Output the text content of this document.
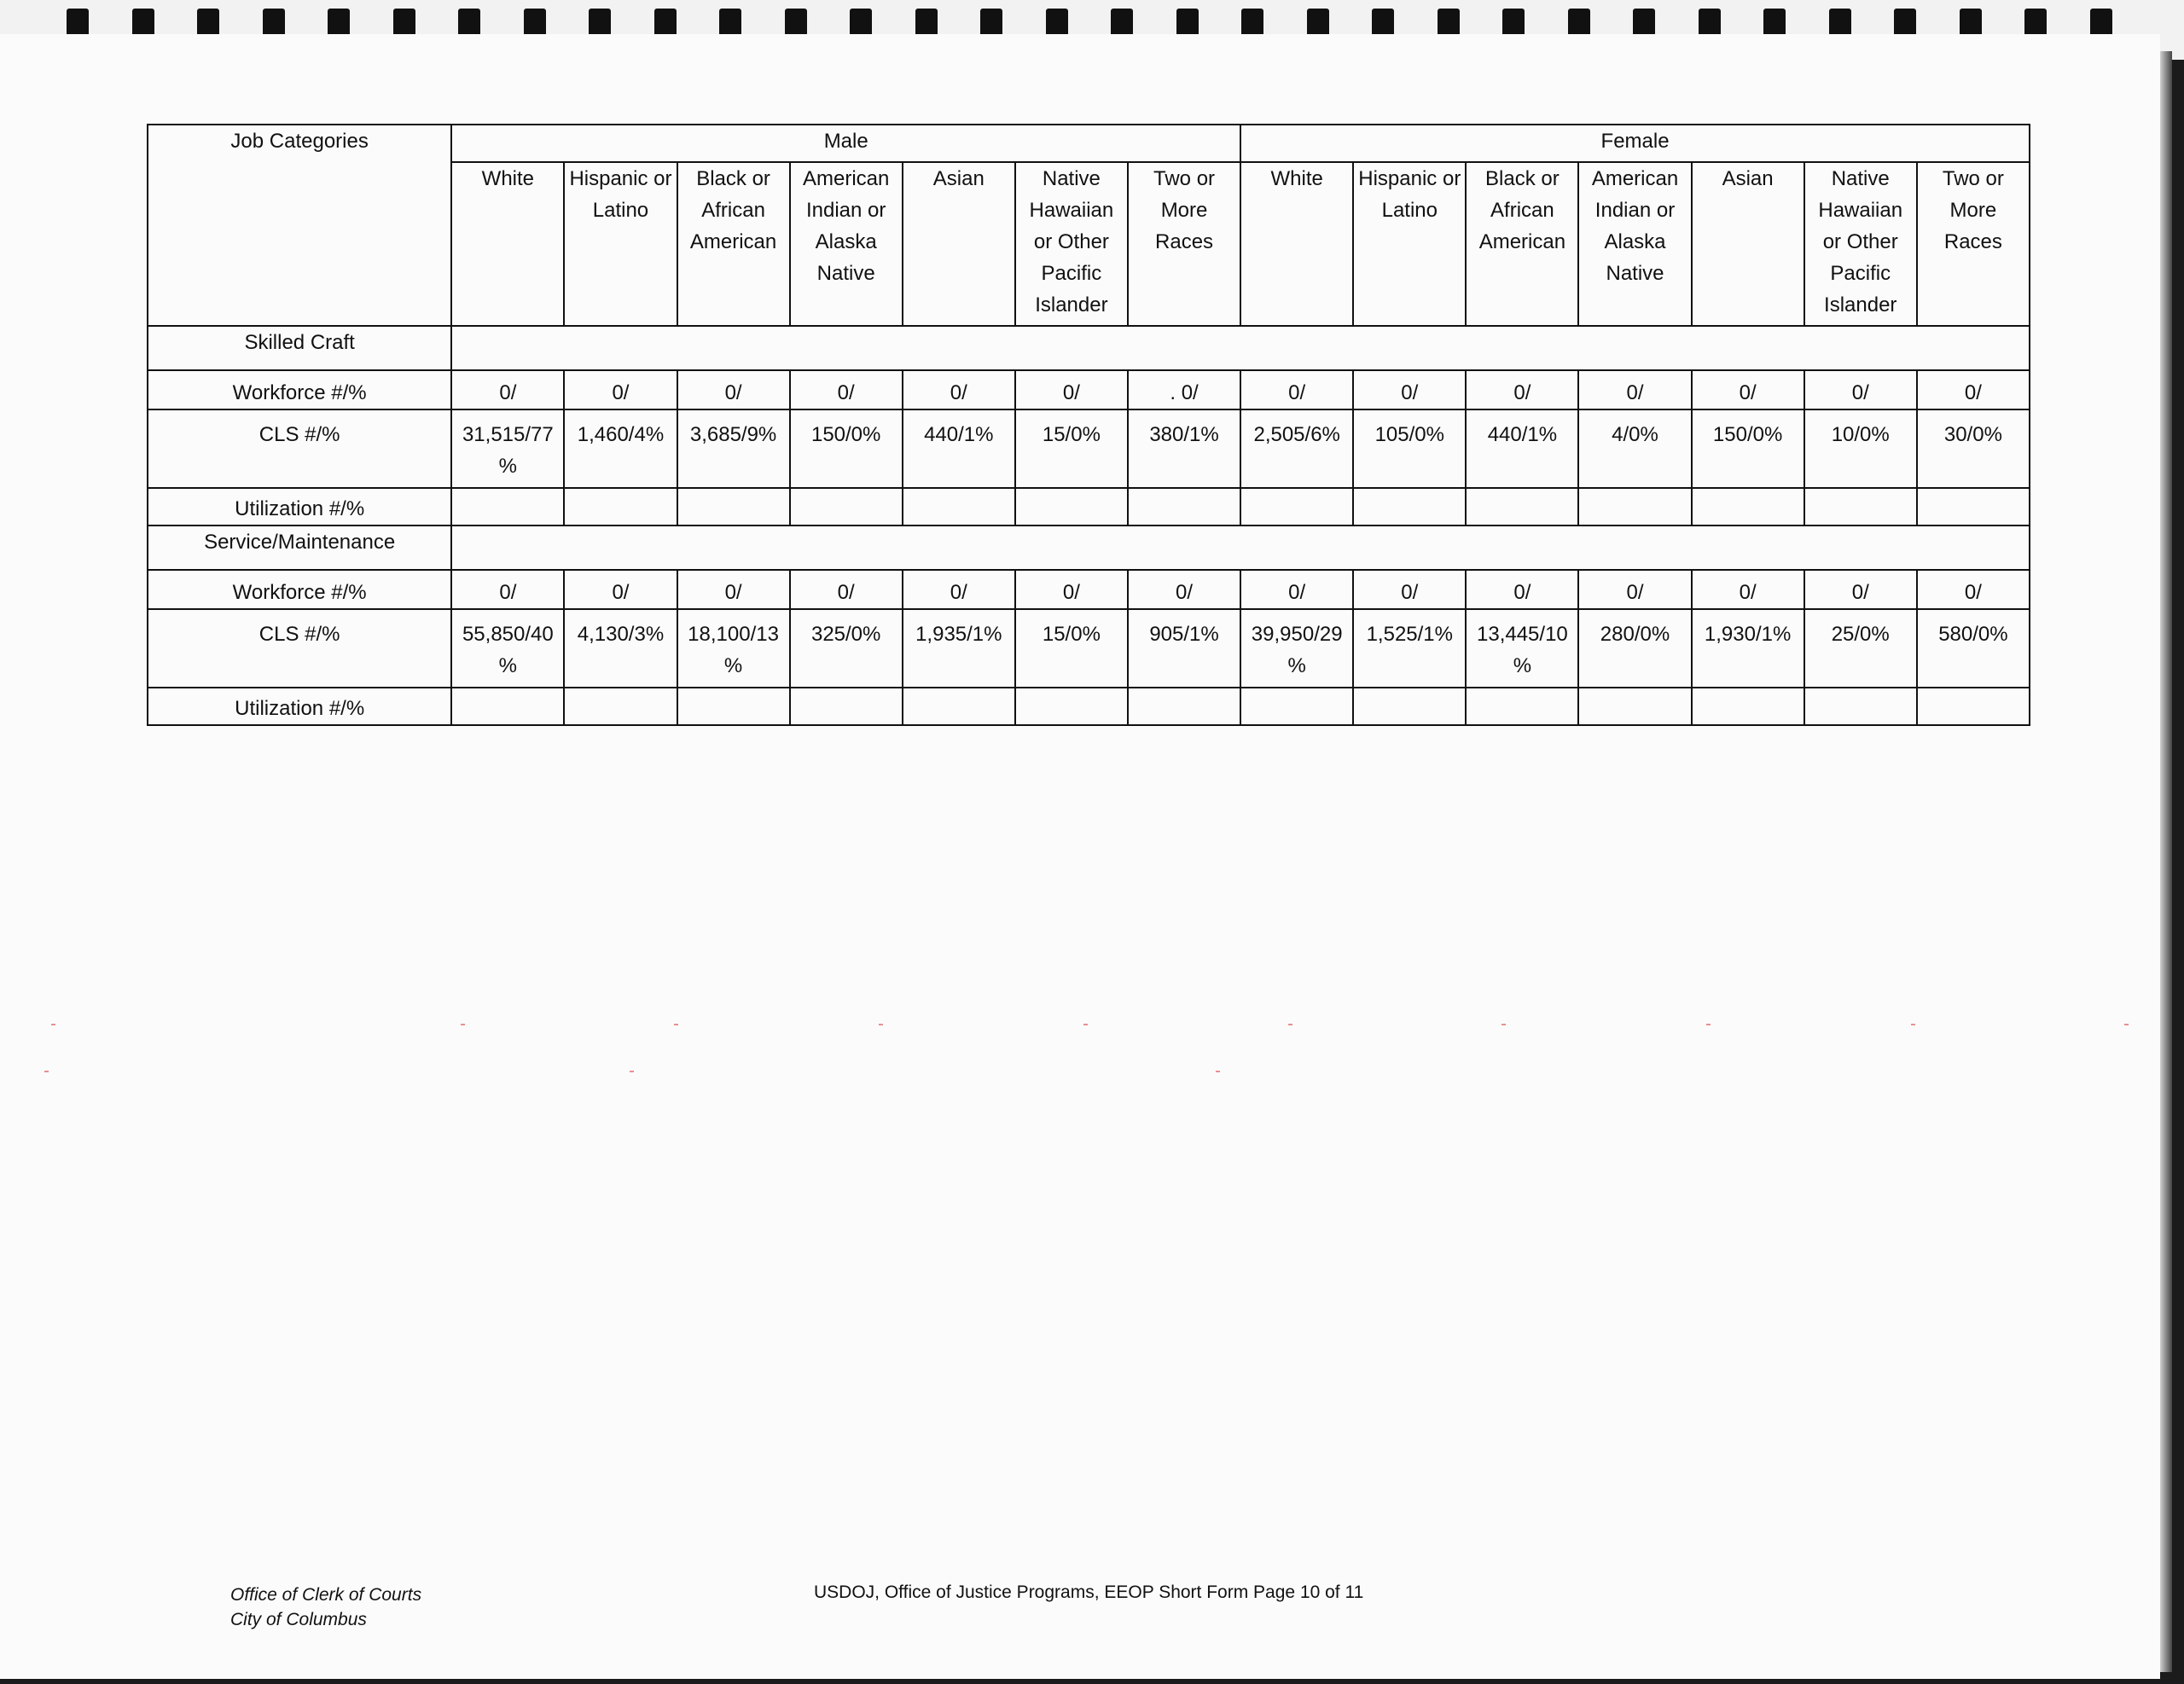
Job Categories	Male							Female						
	White	Hispanic or Latino	Black or African American	American Indian or Alaska Native	Asian	Native Hawaiian or Other Pacific Islander	Two or More Races	White	Hispanic or Latino	Black or African American	American Indian or Alaska Native	Asian	Native Hawaiian or Other Pacific Islander	Two or More Races
Skilled Craft														
Workforce #/%	0/	0/	0/	0/	0/	0/	. 0/	0/	0/	0/	0/	0/	0/	0/
CLS #/%	31,515/77 %	1,460/4%	3,685/9%	150/0%	440/1%	15/0%	380/1%	2,505/6%	105/0%	440/1%	4/0%	150/0%	10/0%	30/0%
Utilization #/%														
Service/Maintenance														
Workforce #/%	0/	0/	0/	0/	0/	0/	0/	0/	0/	0/	0/	0/	0/	0/
CLS #/%	55,850/40 %	4,130/3%	18,100/13 %	325/0%	1,935/1%	15/0%	905/1%	39,950/29 %	1,525/1%	13,445/10 %	280/0%	1,930/1%	25/0%	580/0%
Utilization #/%														
Office of Clerk of Courts
City of Columbus
USDOJ, Office of Justice Programs, EEOP Short Form Page 10 of 11
